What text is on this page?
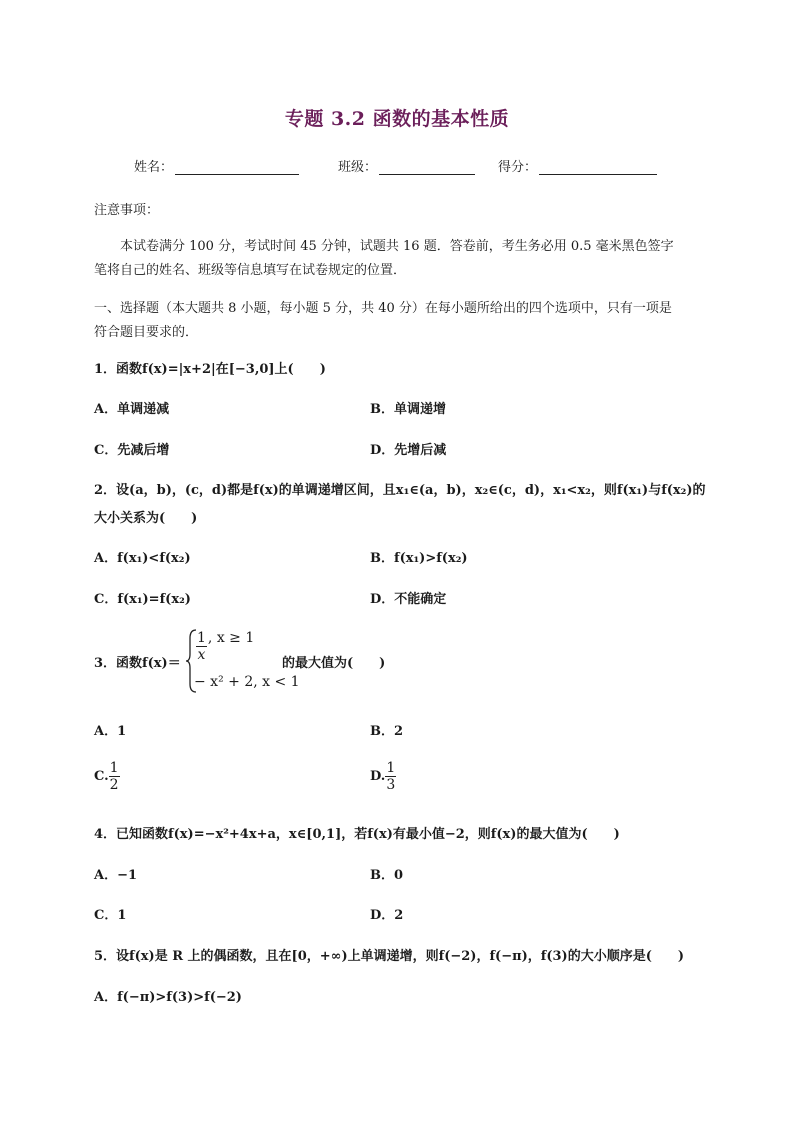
专题 3.2 函数的基本性质
姓名：	班级：	得分：
注意事项：
本试卷满分 100 分，考试时间 45 分钟，试题共 16 题．答卷前，考生务必用 0.5 毫米黑色签字
笔将自己的姓名、班级等信息填写在试卷规定的位置．
一、选择题（本大题共 8 小题，每小题 5 分，共 40 分）在每小题所给出的四个选项中，只有一项是
符合题目要求的．
1．函数f(x)=|x+2|在[−3,0]上(　　)
A．单调递减	B．单调递增
C．先减后增	D．先增后减
2．设(a，b)，(c，d)都是f(x)的单调递增区间，且x₁∈(a，b)，x₂∈(c，d)，x₁<x₂，则f(x₁)与f(x₂)的
大小关系为(　　)
A．f(x₁)<f(x₂)	B．f(x₁)>f(x₂)
C．f(x₁)=f(x₂)	D．不能确定
3．函数f(x)＝
$\frac{1}{x}$ , x ≥ 1
− x² + 2, x < 1
的最大值为(　　)
A．1	B．2
C. $\frac{1}{2}$	D. $\frac{1}{3}$
4．已知函数f(x)=−x²+4x+a，x∈[0,1]，若f(x)有最小值−2，则f(x)的最大值为(　　)
A．−1	B．0
C．1	D．2
5．设f(x)是 R 上的偶函数，且在[0，+∞)上单调递增，则f(−2)，f(−π)，f(3)的大小顺序是(　　)
A．f(−π)>f(3)>f(−2)
